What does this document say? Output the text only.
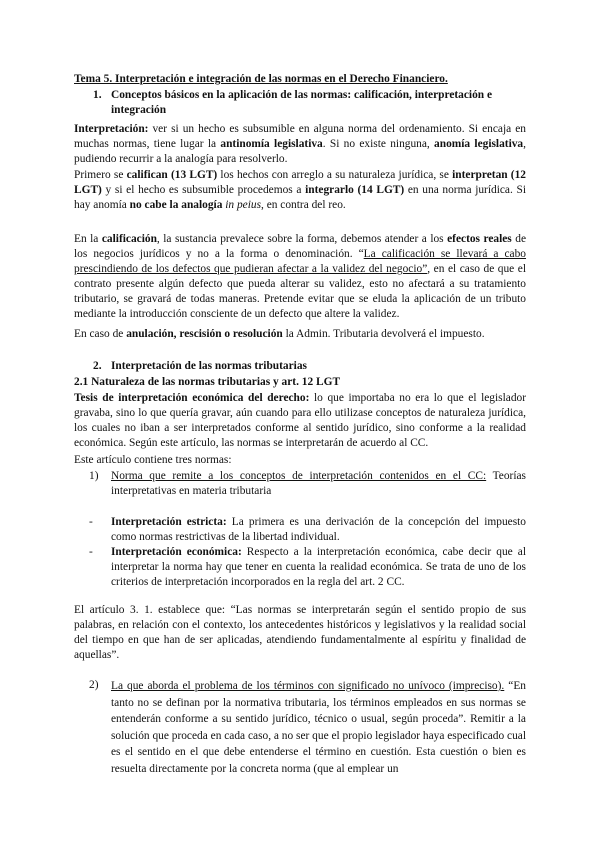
Tema 5. Interpretación e integración de las normas en el Derecho Financiero.

1. Conceptos básicos en la aplicación de las normas: calificación, interpretación e integración

Interpretación: ver si un hecho es subsumible en alguna norma del ordenamiento. Si encaja en muchas normas, tiene lugar la antinomía legislativa. Si no existe ninguna, anomía legislativa, pudiendo recurrir a la analogía para resolverlo.

Primero se califican (13 LGT) los hechos con arreglo a su naturaleza jurídica, se interpretan (12 LGT) y si el hecho es subsumible procedemos a integrarlo (14 LGT) en una norma jurídica. Si hay anomía no cabe la analogía in peius, en contra del reo.

En la calificación, la sustancia prevalece sobre la forma, debemos atender a los efectos reales de los negocios jurídicos y no a la forma o denominación. “La calificación se llevará a cabo prescindiendo de los defectos que pudieran afectar a la validez del negocio”, en el caso de que el contrato presente algún defecto que pueda alterar su validez, esto no afectará a su tratamiento tributario, se gravará de todas maneras. Pretende evitar que se eluda la aplicación de un tributo mediante la introducción consciente de un defecto que altere la validez.

En caso de anulación, rescisión o resolución la Admin. Tributaria devolverá el impuesto.

2. Interpretación de las normas tributarias

2.1 Naturaleza de las normas tributarias y art. 12 LGT

Tesis de interpretación económica del derecho: lo que importaba no era lo que el legislador gravaba, sino lo que quería gravar, aún cuando para ello utilizase conceptos de naturaleza jurídica, los cuales no iban a ser interpretados conforme al sentido jurídico, sino conforme a la realidad económica. Según este artículo, las normas se interpretarán de acuerdo al CC.

Este artículo contiene tres normas:

1) Norma que remite a los conceptos de interpretación contenidos en el CC: Teorías interpretativas en materia tributaria

- Interpretación estricta: La primera es una derivación de la concepción del impuesto como normas restrictivas de la libertad individual.

- Interpretación económica: Respecto a la interpretación económica, cabe decir que al interpretar la norma hay que tener en cuenta la realidad económica. Se trata de uno de los criterios de interpretación incorporados en la regla del art. 2 CC.

El artículo 3. 1. establece que: “Las normas se interpretarán según el sentido propio de sus palabras, en relación con el contexto, los antecedentes históricos y legislativos y la realidad social del tiempo en que han de ser aplicadas, atendiendo fundamentalmente al espíritu y finalidad de aquellas”.

2) La que aborda el problema de los términos con significado no unívoco (impreciso). “En tanto no se definan por la normativa tributaria, los términos empleados en sus normas se entenderán conforme a su sentido jurídico, técnico o usual, según proceda”. Remitir a la solución que proceda en cada caso, a no ser que el propio legislador haya especificado cual es el sentido en el que debe entenderse el término en cuestión. Esta cuestión o bien es resuelta directamente por la concreta norma (que al emplear un
